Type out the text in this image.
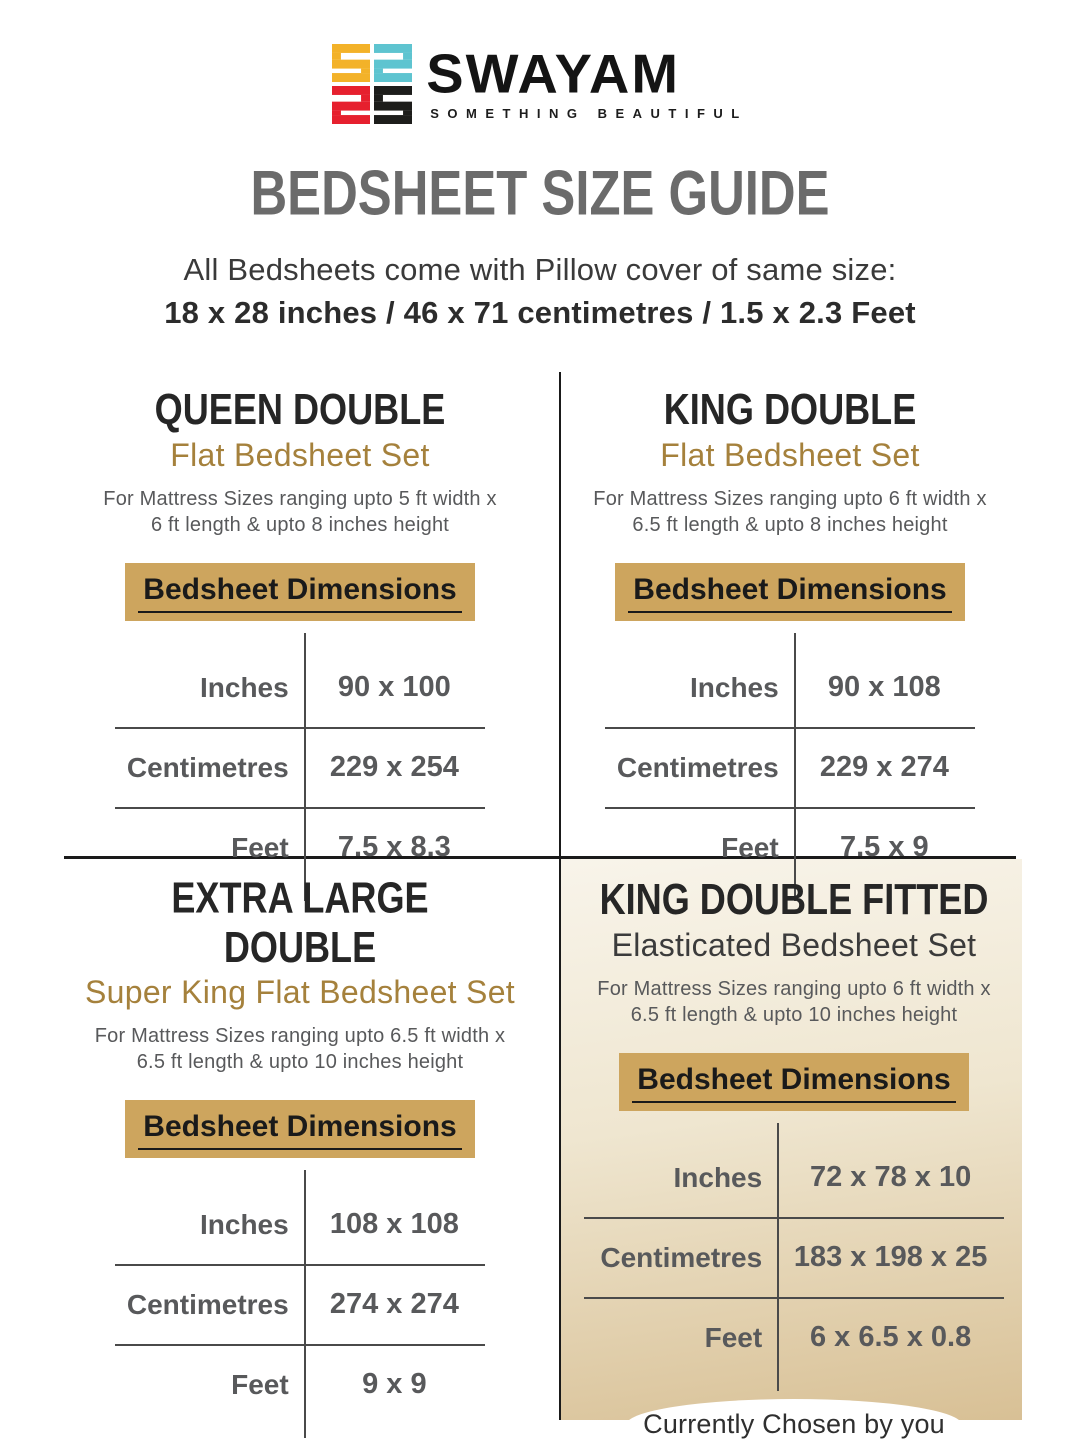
SWAYAM
SOMETHING BEAUTIFUL
BEDSHEET SIZE GUIDE
All Bedsheets come with Pillow cover of same size:
18 x 28 inches / 46 x 71 centimetres / 1.5 x 2.3 Feet
QUEEN DOUBLE
Flat Bedsheet Set
For Mattress Sizes ranging upto 5 ft width x
6 ft length & upto 8 inches height
Bedsheet Dimensions
Inches	90 x 100
Centimetres	229 x 254
Feet	7.5 x 8.3
KING DOUBLE
Flat Bedsheet Set
For Mattress Sizes ranging upto 6 ft width x
6.5 ft length & upto 8 inches height
Bedsheet Dimensions
Inches	90 x 108
Centimetres	229 x 274
Feet	7.5 x 9
EXTRA LARGE DOUBLE
Super King Flat Bedsheet Set
For Mattress Sizes ranging upto 6.5 ft width x
6.5 ft length & upto 10 inches height
Bedsheet Dimensions
Inches	108 x 108
Centimetres	274 x 274
Feet	9 x 9
KING DOUBLE FITTED
Elasticated Bedsheet Set
For Mattress Sizes ranging upto 6 ft width x
6.5 ft length & upto 10 inches height
Bedsheet Dimensions
Inches	72 x 78 x 10
Centimetres	183 x 198 x 25
Feet	6 x 6.5 x 0.8
Currently Chosen by you
